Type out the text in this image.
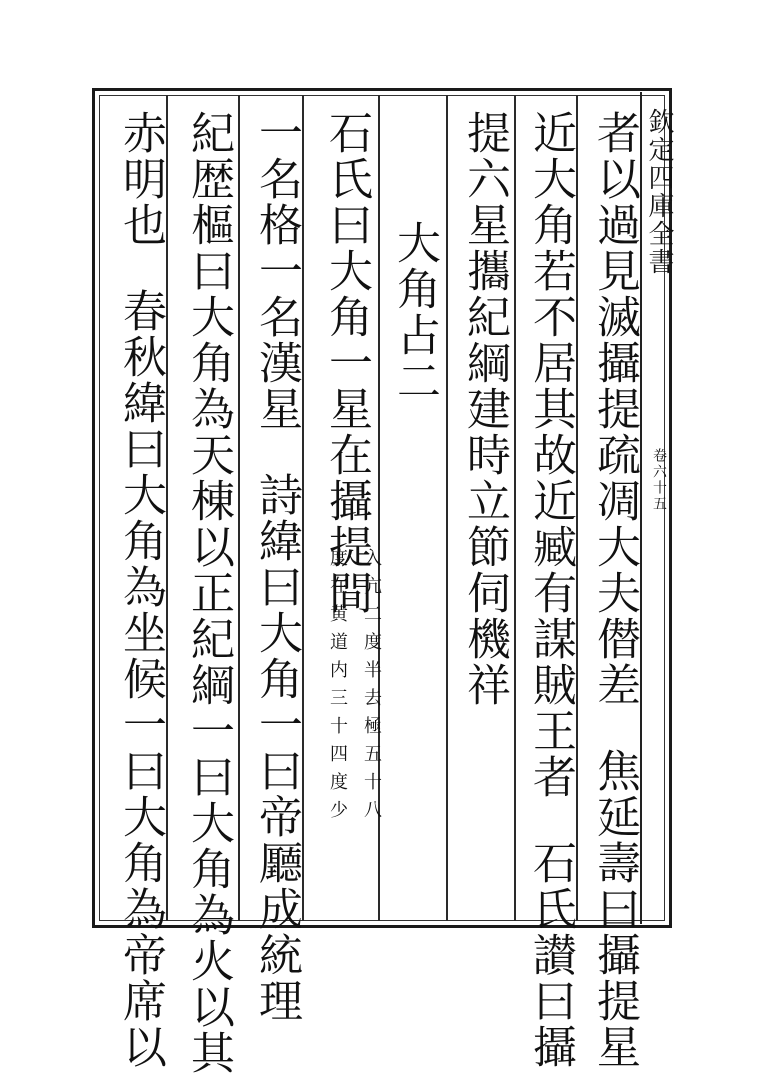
欽定四庫全書
卷六十五
者以過見滅攝提疏凋大夫僣差焦延壽曰攝提星
近大角若不居其故近臧有謀賊王者石氏讃曰攝
提六星攜紀綱建時立節伺機祥
大角占二
石氏曰大角一星在攝提間
入亢二度半去極五十八
度在黄道内三十四度少
一名格一名漢星詩緯曰大角一曰帝㕔成統理
紀歴樞曰大角為天棟以正紀綱一曰大角為火以其
赤明也春秋緯曰大角為坐候一曰大角為帝席以
